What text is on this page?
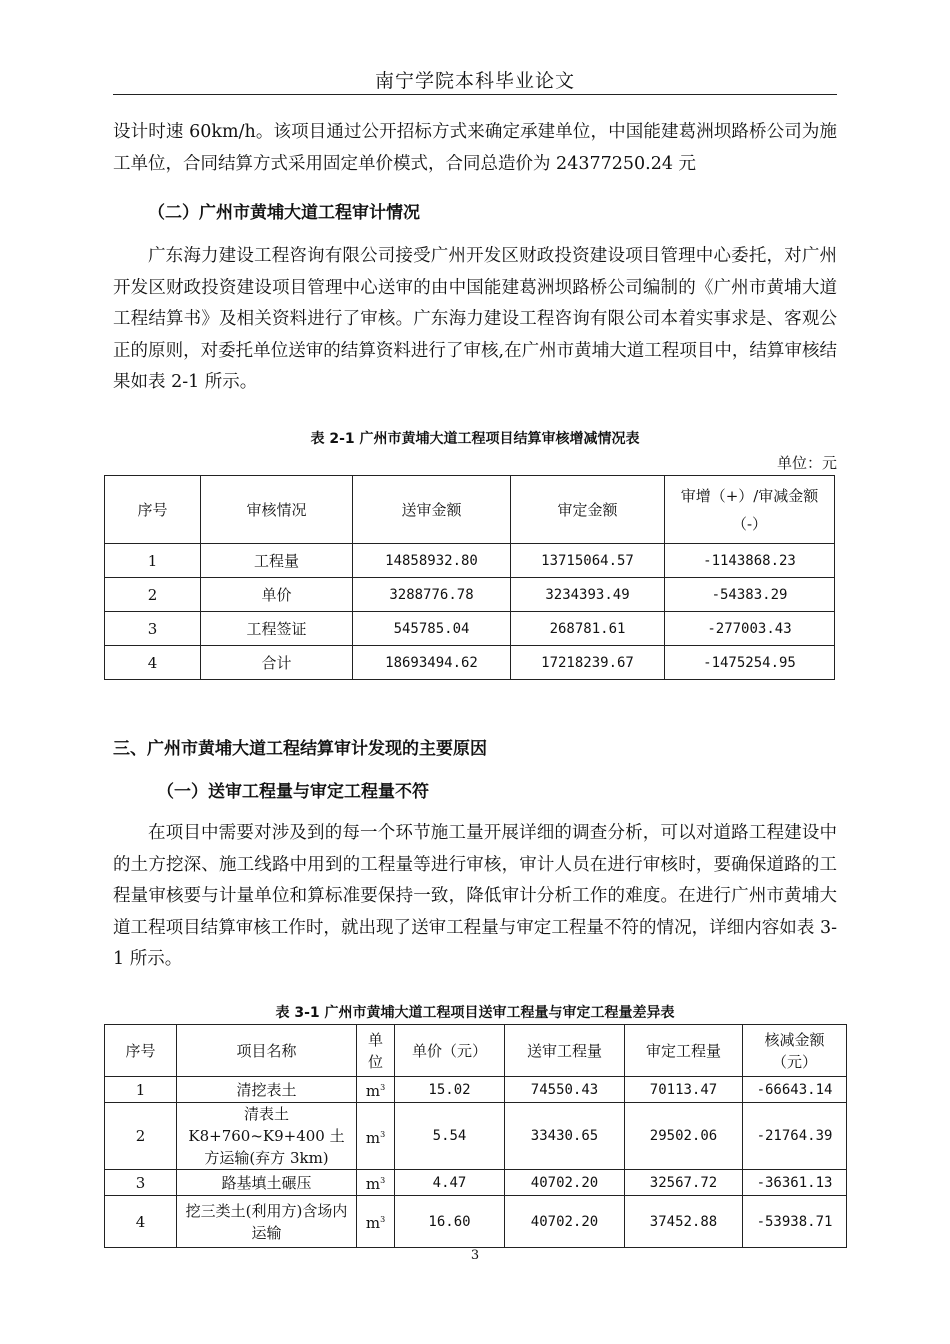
南宁学院本科毕业论文

设计时速 60km/h。该项目通过公开招标方式来确定承建单位，中国能建葛洲坝路桥公司为施工单位，合同结算方式采用固定单价模式，合同总造价为 24377250.24 元

（二）广州市黄埔大道工程审计情况

广东海力建设工程咨询有限公司接受广州开发区财政投资建设项目管理中心委托，对广州开发区财政投资建设项目管理中心送审的由中国能建葛洲坝路桥公司编制的《广州市黄埔大道工程结算书》及相关资料进行了审核。广东海力建设工程咨询有限公司本着实事求是、客观公正的原则，对委托单位送审的结算资料进行了审核,在广州市黄埔大道工程项目中，结算审核结果如表 2-1 所示。

表 2-1 广州市黄埔大道工程项目结算审核增减情况表
单位：元
序号	审核情况	送审金额	审定金额	审增（+）/审减金额（-）
1	工程量	14858932.80	13715064.57	-1143868.23
2	单价	3288776.78	3234393.49	-54383.29
3	工程签证	545785.04	268781.61	-277003.43
4	合计	18693494.62	17218239.67	-1475254.95
三、广州市黄埔大道工程结算审计发现的主要原因
（一）送审工程量与审定工程量不符

在项目中需要对涉及到的每一个环节施工量开展详细的调查分析，可以对道路工程建设中的土方挖深、施工线路中用到的工程量等进行审核，审计人员在进行审核时，要确保道路的工程量审核要与计量单位和算标准要保持一致，降低审计分析工作的难度。在进行广州市黄埔大道工程项目结算审核工作时，就出现了送审工程量与审定工程量不符的情况，详细内容如表 3-1 所示。

表 3-1 广州市黄埔大道工程项目送审工程量与审定工程量差异表
序号	项目名称	单位	单价（元）	送审工程量	审定工程量	核减金额（元）
1	清挖表土	$m^3$	15.02	74550.43	70113.47	-66643.14
2	清表土 K8+760~K9+400 土方运输(弃方 3km)	$m^3$	5.54	33430.65	29502.06	-21764.39
3	路基填土碾压	$m^3$	4.47	40702.20	32567.72	-36361.13
4	挖三类土(利用方)含场内运输	$m^3$	16.60	40702.20	37452.88	-53938.71
3
